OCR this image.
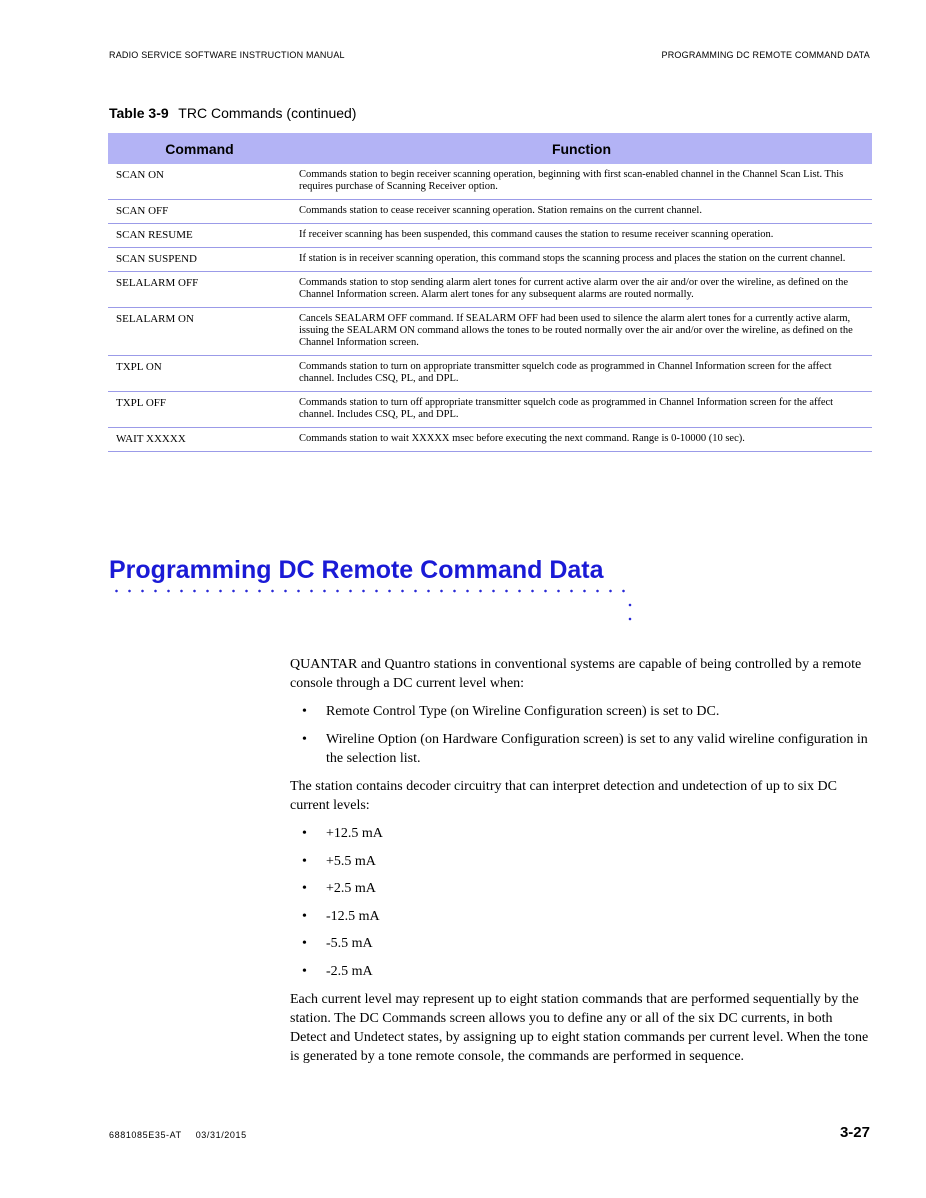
RADIO SERVICE SOFTWARE INSTRUCTION MANUAL	PROGRAMMING DC REMOTE COMMAND DATA
Table 3-9 TRC Commands (continued)
Command	Function
SCAN ON	Commands station to begin receiver scanning operation, beginning with first scan-enabled channel in the Channel Scan List. This requires purchase of Scanning Receiver option.
SCAN OFF	Commands station to cease receiver scanning operation. Station remains on the current channel.
SCAN RESUME	If receiver scanning has been suspended, this command causes the station to resume receiver scanning operation.
SCAN SUSPEND	If station is in receiver scanning operation, this command stops the scanning process and places the station on the current channel.
SELALARM OFF	Commands station to stop sending alarm alert tones for current active alarm over the air and/or over the wireline, as defined on the Channel Information screen. Alarm alert tones for any subsequent alarms are routed normally.
SELALARM ON	Cancels SEALARM OFF command. If SEALARM OFF had been used to silence the alarm alert tones for a currently active alarm, issuing the SEALARM ON command allows the tones to be routed normally over the air and/or over the wireline, as defined on the Channel Information screen.
TXPL ON	Commands station to turn on appropriate transmitter squelch code as programmed in Channel Information screen for the affect channel. Includes CSQ, PL, and DPL.
TXPL OFF	Commands station to turn off appropriate transmitter squelch code as programmed in Channel Information screen for the affect channel. Includes CSQ, PL, and DPL.
WAIT XXXXX	Commands station to wait XXXXX msec before executing the next command. Range is 0-10000 (10 sec).
Programming DC Remote Command Data

QUANTAR and Quantro stations in conventional systems are capable of being controlled by a remote console through a DC current level when:

•	Remote Control Type (on Wireline Configuration screen) is set to DC.
•	Wireline Option (on Hardware Configuration screen) is set to any valid wireline configuration in the selection list.

The station contains decoder circuitry that can interpret detection and undetection of up to six DC current levels:

•	+12.5 mA
•	+5.5 mA
•	+2.5 mA
•	-12.5 mA
•	-5.5 mA
•	-2.5 mA

Each current level may represent up to eight station commands that are performed sequentially by the station. The DC Commands screen allows you to define any or all of the six DC currents, in both Detect and Undetect states, by assigning up to eight station commands per current level. When the tone is generated by a tone remote console, the commands are performed in sequence.

6881085E35-AT 03/31/2015	3-27
